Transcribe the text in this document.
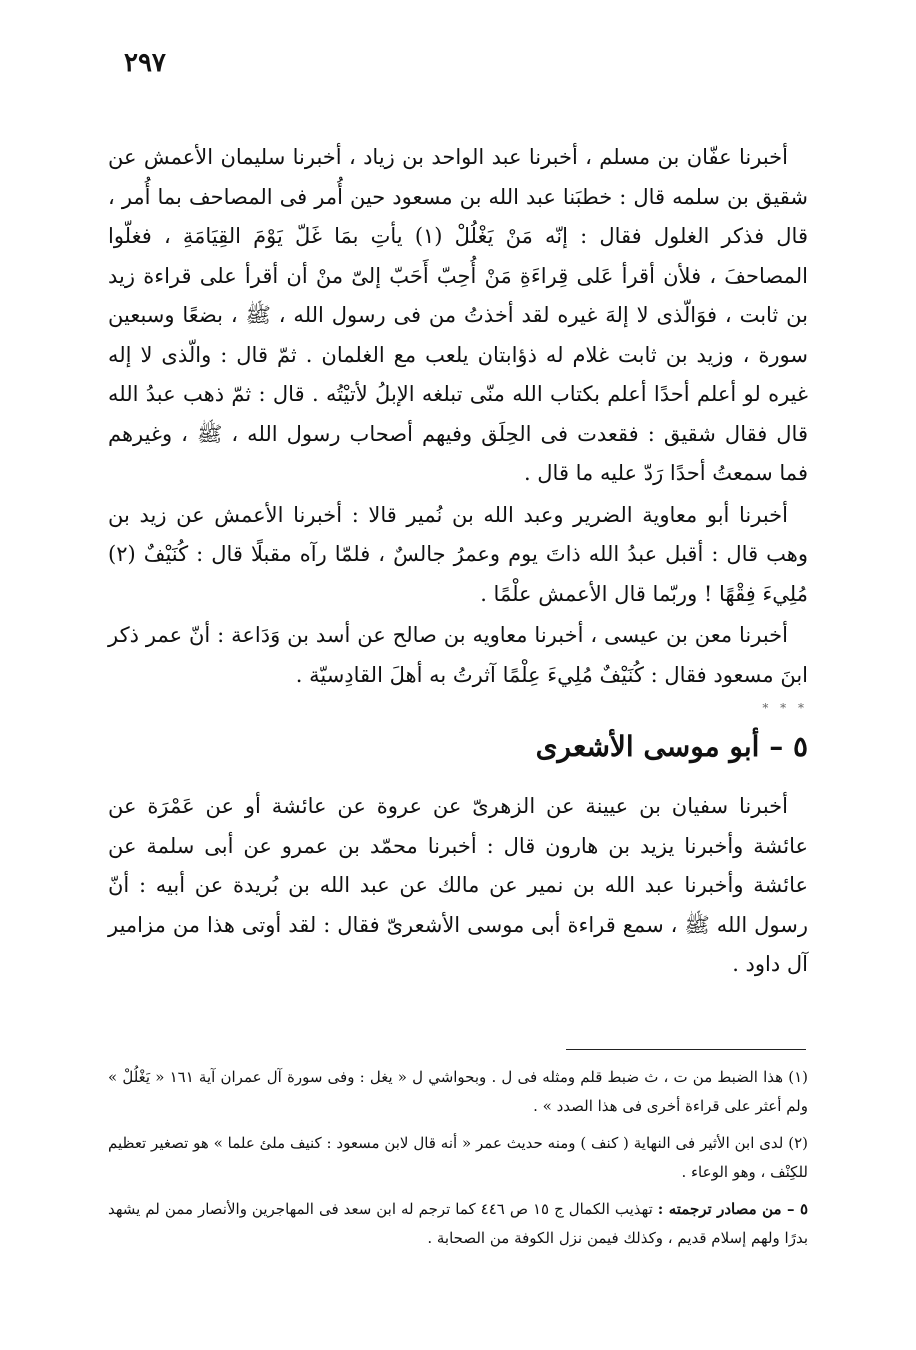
٢٩٧

أخبرنا عفّان بن مسلم ، أخبرنا عبد الواحد بن زياد ، أخبرنا سليمان الأعمش عن شقيق بن سلمه قال : خطبَنا عبد الله بن مسعود حين أُمر فى المصاحف بما أُمر ، قال فذكر الغلول فقال : إنّه مَنْ يَغْلُلْ (١) يأتِ بمَا غَلّ يَوْمَ القِيَامَةِ ، فغلّوا المصاحفَ ، فلأن أقرأ عَلى قِراءَةِ مَنْ أُحِبّ أَحَبّ إلىّ منْ أن أقرأ على قراءة زيد بن ثابت ، فوَالّذى لا إلهَ غيره لقد أخذتُ من فى رسول الله ، ﷺ ، بضعًا وسبعين سورة ، وزيد بن ثابت غلام له ذؤابتان يلعب مع الغلمان . ثمّ قال : والّذى لا إله غيره لو أعلم أحدًا أعلم بكتاب الله منّى تبلغه الإبلُ لأتيْتُه . قال : ثمّ ذهب عبدُ الله قال فقال شقيق : فقعدت فى الحِلَق وفيهم أصحاب رسول الله ، ﷺ ، وغيرهم فما سمعتُ أحدًا رَدّ عليه ما قال .

أخبرنا أبو معاوية الضرير وعبد الله بن نُمير قالا : أخبرنا الأعمش عن زيد بن وهب قال : أقبل عبدُ الله ذاتَ يوم وعمرُ جالسٌ ، فلمّا رآه مقبلًا قال : كُنَيْفٌ (٢) مُلِيءَ فِقْهًا ! وربّما قال الأعمش علْمًا .

أخبرنا معن بن عيسى ، أخبرنا معاويه بن صالح عن أسد بن وَدَاعة : أنّ عمر ذكر ابنَ مسعود فقال : كُنَيْفٌ مُلِيءَ عِلْمًا آثرتُ به أهلَ القادِسيّة .

* * *
٥ – أبو موسى الأشعرى

أخبرنا سفيان بن عيينة عن الزهرىّ عن عروة عن عائشة أو عن عَمْرَة عن عائشة وأخبرنا يزيد بن هارون قال : أخبرنا محمّد بن عمرو عن أبى سلمة عن عائشة وأخبرنا عبد الله بن نمير عن مالك عن عبد الله بن بُريدة عن أبيه : أنّ رسول الله ﷺ ، سمع قراءة أبى موسى الأشعرىّ فقال : لقد أوتى هذا من مزامير آل داود .

(١) هذا الضبط من ت ، ث ضبط قلم ومثله فى ل . وبحواشي ل « يغل : وفى سورة آل عمران آية ١٦١ « يَغْلُلْ » ولم أعثر على قراءة أخرى فى هذا الصدد » .

(٢) لدى ابن الأثير فى النهاية ( كنف ) ومنه حديث عمر « أنه قال لابن مسعود : كنيف ملئ علما » هو تصغير تعظيم للكِنْف ، وهو الوعاء .

٥ – من مصادر ترجمته : تهذيب الكمال ج ١٥ ص ٤٤٦ كما ترجم له ابن سعد فى المهاجرين والأنصار ممن لم يشهد بدرًا ولهم إسلام قديم ، وكذلك فيمن نزل الكوفة من الصحابة .
